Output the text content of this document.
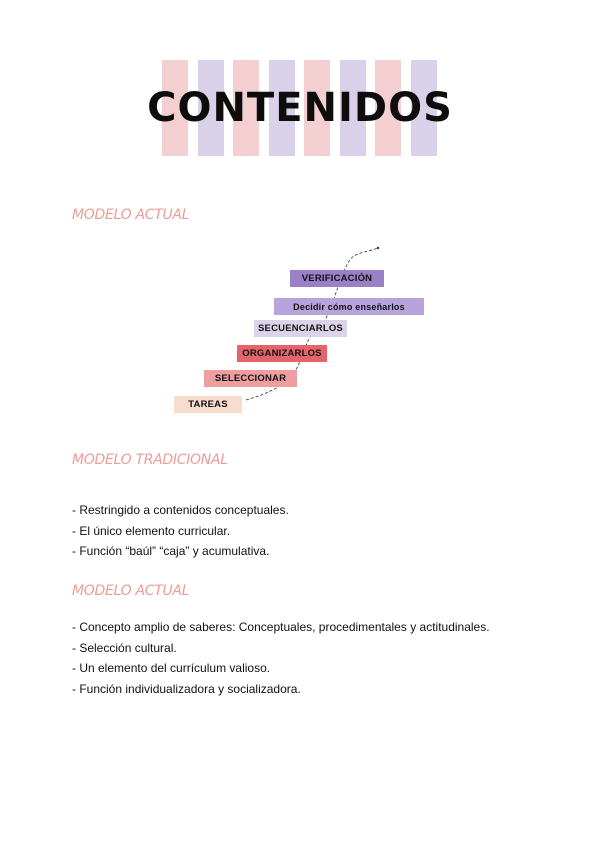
CONTENIDOS
MODELO ACTUAL
VERIFICACIÓN
Decidir cómo enseñarlos
SECUENCIARLOS
ORGANIZARLOS
SELECCIONAR
TAREAS
MODELO TRADICIONAL
- Restringido a contenidos conceptuales.
- El único elemento curricular.
- Función “baúl” “caja” y acumulativa.
MODELO ACTUAL
- Concepto amplio de saberes: Conceptuales, procedimentales y actitudinales.
- Selección cultural.
- Un elemento del currículum valioso.
- Función individualizadora y socializadora.
